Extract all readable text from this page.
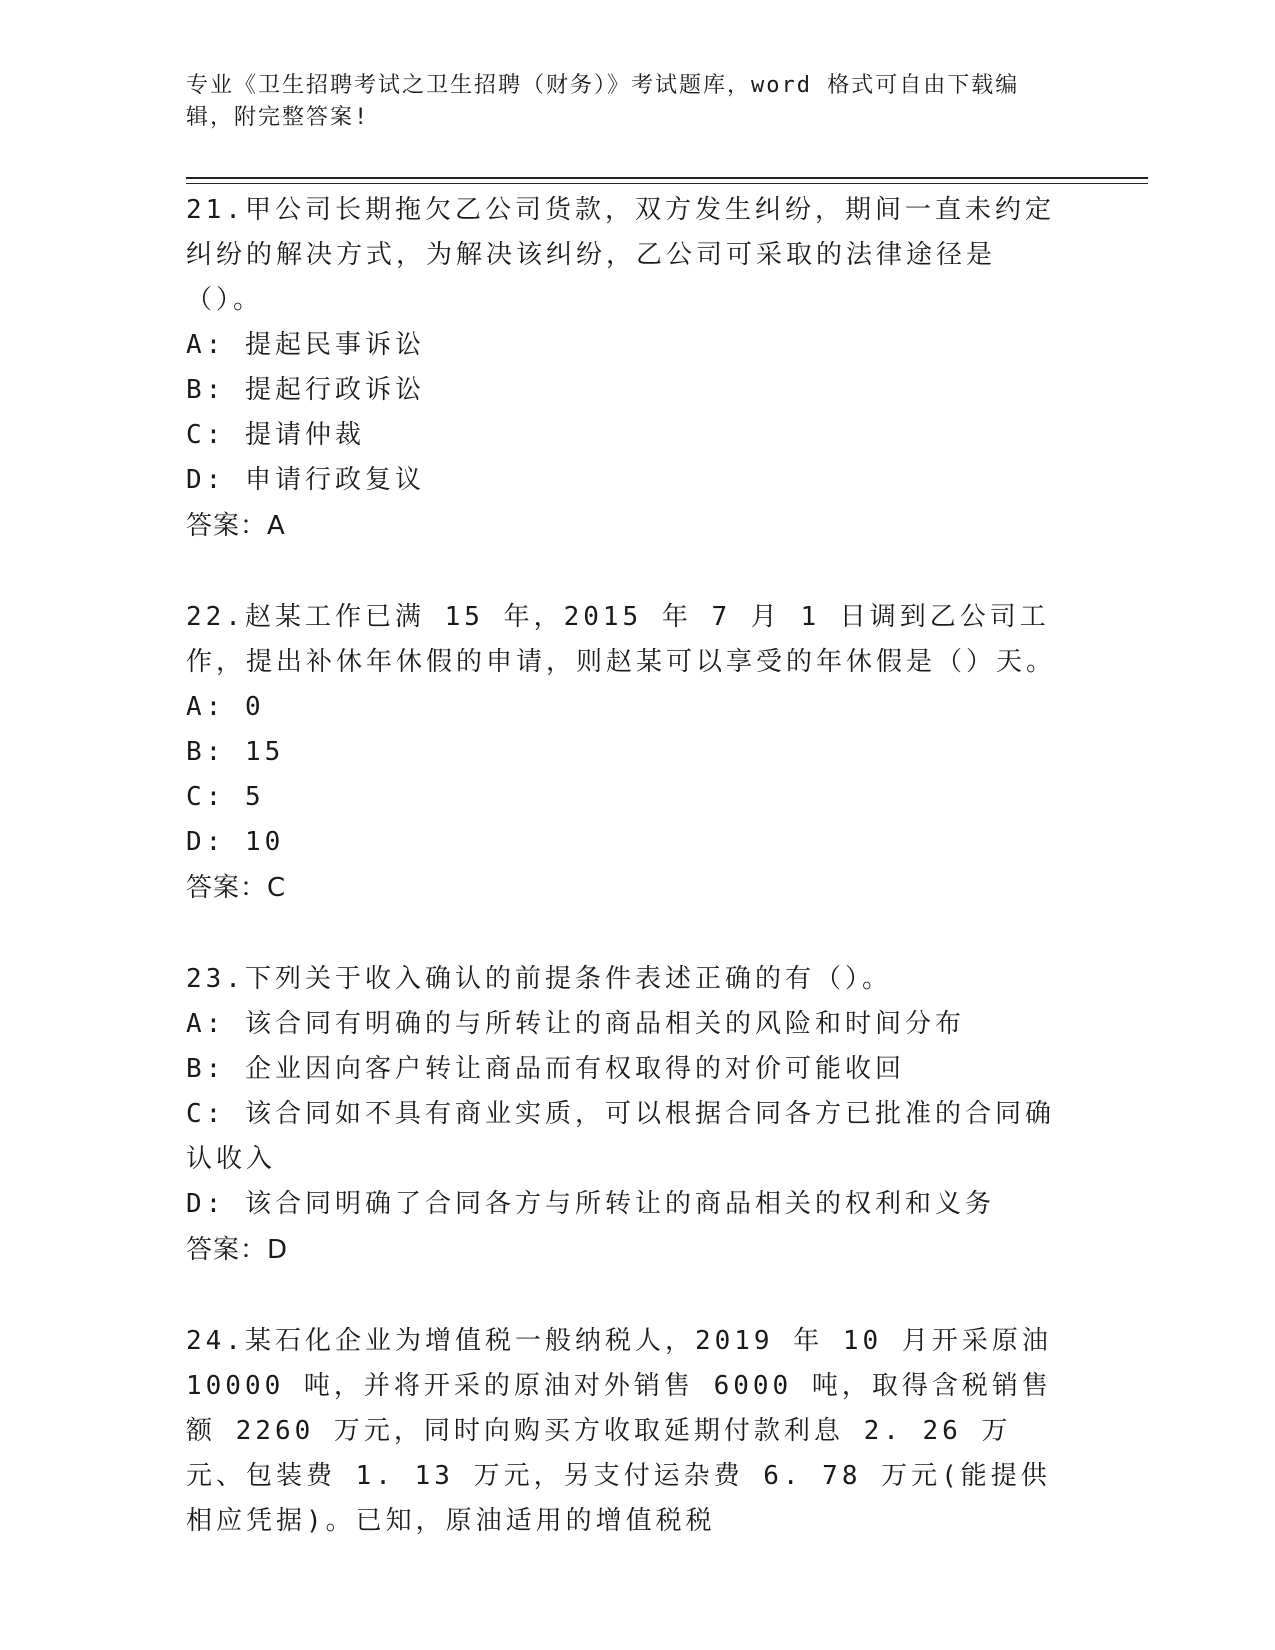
专业《卫生招聘考试之卫生招聘（财务）》考试题库，word 格式可自由下载编辑，附完整答案!

21.甲公司长期拖欠乙公司货款，双方发生纠纷，期间一直未约定纠纷的解决方式，为解决该纠纷，乙公司可采取的法律途径是（）。

A: 提起民事诉讼

B: 提起行政诉讼

C: 提请仲裁

D: 申请行政复议

答案：A

22.赵某工作已满 15 年，2015 年 7 月 1 日调到乙公司工作，提出补休年休假的申请，则赵某可以享受的年休假是（）天。

A: 0

B: 15

C: 5

D: 10

答案：C

23.下列关于收入确认的前提条件表述正确的有（）。

A: 该合同有明确的与所转让的商品相关的风险和时间分布

B: 企业因向客户转让商品而有权取得的对价可能收回

C: 该合同如不具有商业实质，可以根据合同各方已批准的合同确认收入

D: 该合同明确了合同各方与所转让的商品相关的权利和义务

答案：D

24.某石化企业为增值税一般纳税人，2019 年 10 月开采原油 10000 吨，并将开采的原油对外销售 6000 吨，取得含税销售额 2260 万元，同时向购买方收取延期付款利息 2. 26 万元、包装费 1. 13 万元，另支付运杂费 6. 78 万元(能提供相应凭据)。已知，原油适用的增值税税
